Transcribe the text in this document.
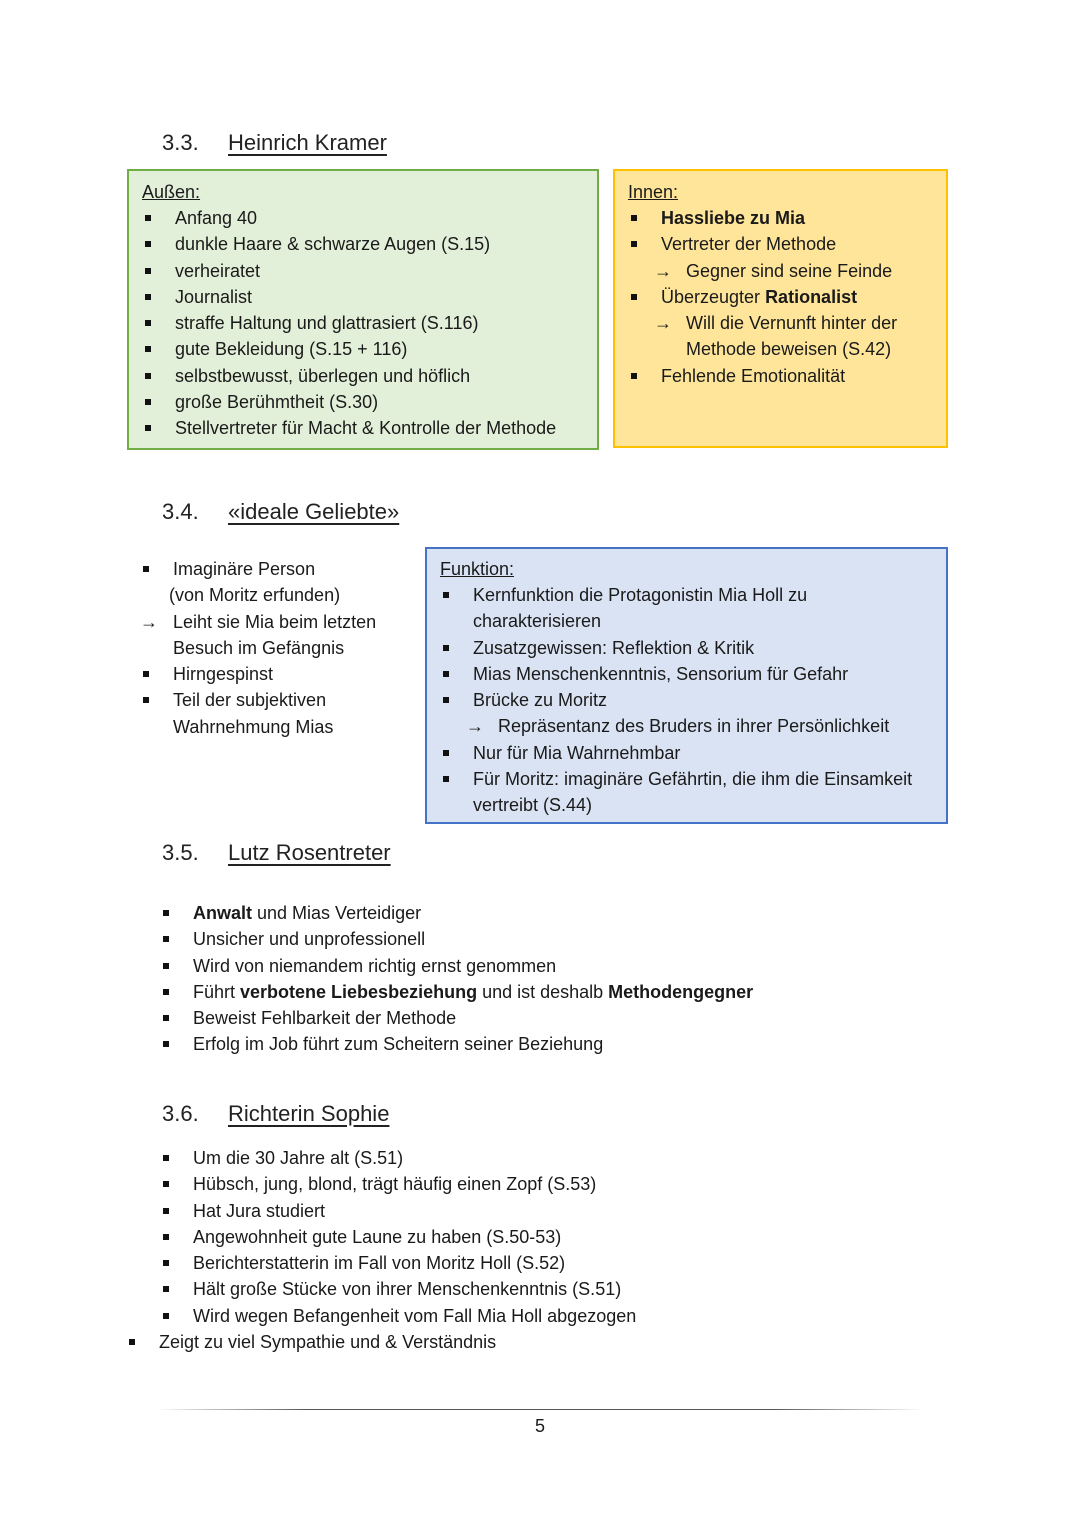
3.3. Heinrich Kramer
Außen:
Anfang 40
dunkle Haare & schwarze Augen (S.15)
verheiratet
Journalist
straffe Haltung und glattrasiert (S.116)
gute Bekleidung (S.15 + 116)
selbstbewusst, überlegen und höflich
große Berühmtheit (S.30)
Stellvertreter für Macht & Kontrolle der Methode
Innen:
Hassliebe zu Mia
Vertreter der Methode
→ Gegner sind seine Feinde
Überzeugter Rationalist
→ Will die Vernunft hinter der
Methode beweisen (S.42)
Fehlende Emotionalität
3.4. «ideale Geliebte»
Imaginäre Person
(von Moritz erfunden)
→ Leiht sie Mia beim letzten
Besuch im Gefängnis
Hirngespinst
Teil der subjektiven
Wahrnehmung Mias
Funktion:
Kernfunktion die Protagonistin Mia Holl zu
charakterisieren
Zusatzgewissen: Reflektion & Kritik
Mias Menschenkenntnis, Sensorium für Gefahr
Brücke zu Moritz
→ Repräsentanz des Bruders in ihrer Persönlichkeit
Nur für Mia Wahrnehmbar
Für Moritz: imaginäre Gefährtin, die ihm die Einsamkeit
vertreibt (S.44)
3.5. Lutz Rosentreter
Anwalt und Mias Verteidiger
Unsicher und unprofessionell
Wird von niemandem richtig ernst genommen
Führt verbotene Liebesbeziehung und ist deshalb Methodengegner
Beweist Fehlbarkeit der Methode
Erfolg im Job führt zum Scheitern seiner Beziehung
3.6. Richterin Sophie
Um die 30 Jahre alt (S.51)
Hübsch, jung, blond, trägt häufig einen Zopf (S.53)
Hat Jura studiert
Angewohnheit gute Laune zu haben (S.50-53)
Berichterstatterin im Fall von Moritz Holl (S.52)
Hält große Stücke von ihrer Menschenkenntnis (S.51)
Wird wegen Befangenheit vom Fall Mia Holl abgezogen
Zeigt zu viel Sympathie und & Verständnis
5
